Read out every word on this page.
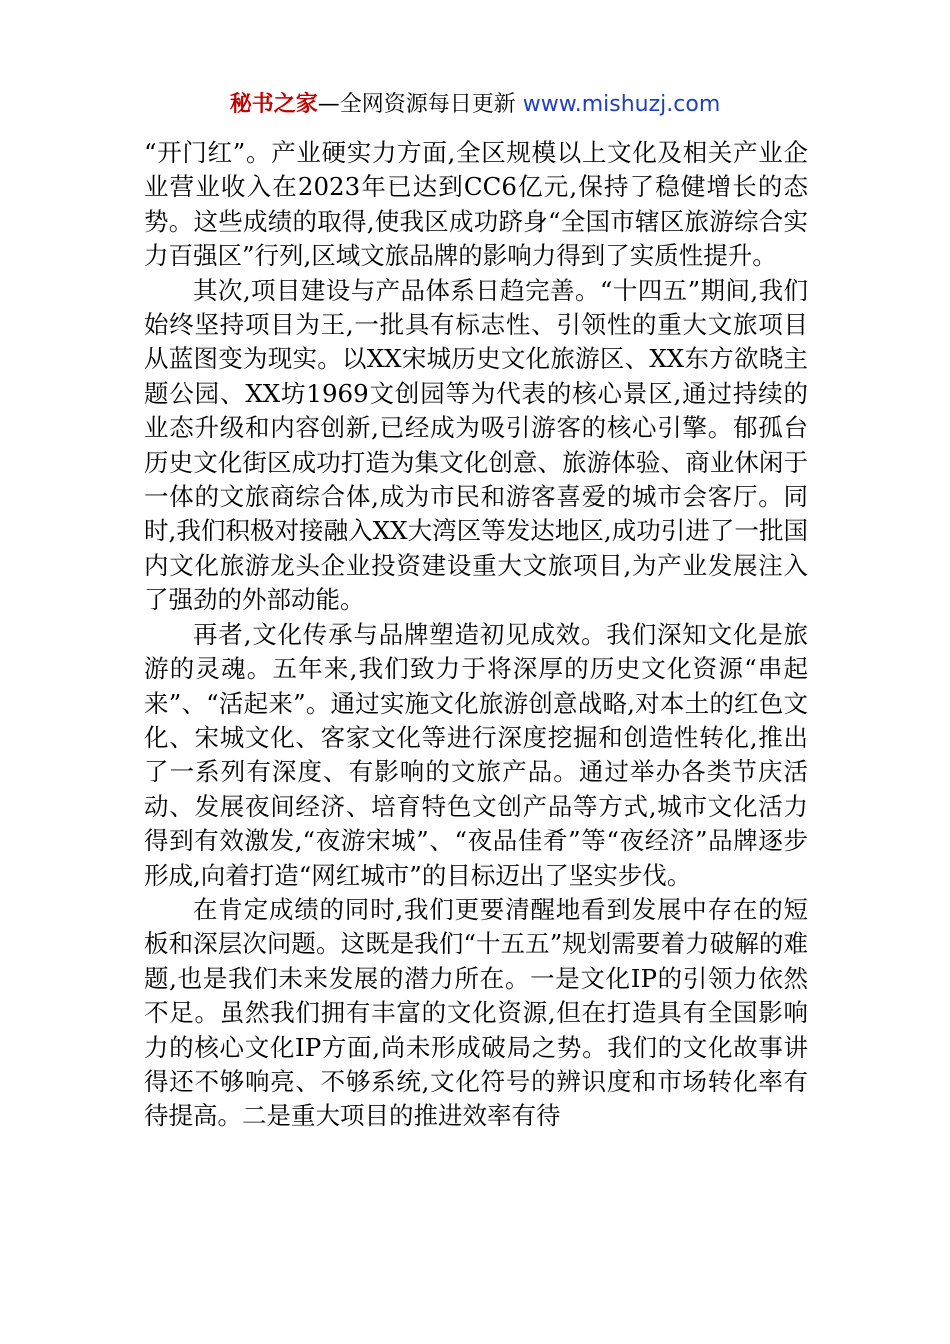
秘书之家—全网资源每日更新 www.mishuzj.com

“开门红”。产业硬实力方面,全区规模以上文化及相关产业企业营业收入在2023年已达到CC6亿元,保持了稳健增长的态势。这些成绩的取得,使我区成功跻身“全国市辖区旅游综合实力百强区”行列,区域文旅品牌的影响力得到了实质性提升。

其次,项目建设与产品体系日趋完善。“十四五”期间,我们始终坚持项目为王,一批具有标志性、引领性的重大文旅项目从蓝图变为现实。以XX宋城历史文化旅游区、XX东方欲晓主题公园、XX坊1969文创园等为代表的核心景区,通过持续的业态升级和内容创新,已经成为吸引游客的核心引擎。郁孤台历史文化街区成功打造为集文化创意、旅游体验、商业休闲于一体的文旅商综合体,成为市民和游客喜爱的城市会客厅。同时,我们积极对接融入XX大湾区等发达地区,成功引进了一批国内文化旅游龙头企业投资建设重大文旅项目,为产业发展注入了强劲的外部动能。

再者,文化传承与品牌塑造初见成效。我们深知文化是旅游的灵魂。五年来,我们致力于将深厚的历史文化资源“串起来”、“活起来”。通过实施文化旅游创意战略,对本土的红色文化、宋城文化、客家文化等进行深度挖掘和创造性转化,推出了一系列有深度、有影响的文旅产品。通过举办各类节庆活动、发展夜间经济、培育特色文创产品等方式,城市文化活力得到有效激发,“夜游宋城”、“夜品佳肴”等“夜经济”品牌逐步形成,向着打造“网红城市”的目标迈出了坚实步伐。

在肯定成绩的同时,我们更要清醒地看到发展中存在的短板和深层次问题。这既是我们“十五五”规划需要着力破解的难题,也是我们未来发展的潜力所在。一是文化IP的引领力依然不足。虽然我们拥有丰富的文化资源,但在打造具有全国影响力的核心文化IP方面,尚未形成破局之势。我们的文化故事讲得还不够响亮、不够系统,文化符号的辨识度和市场转化率有待提高。二是重大项目的推进效率有待
